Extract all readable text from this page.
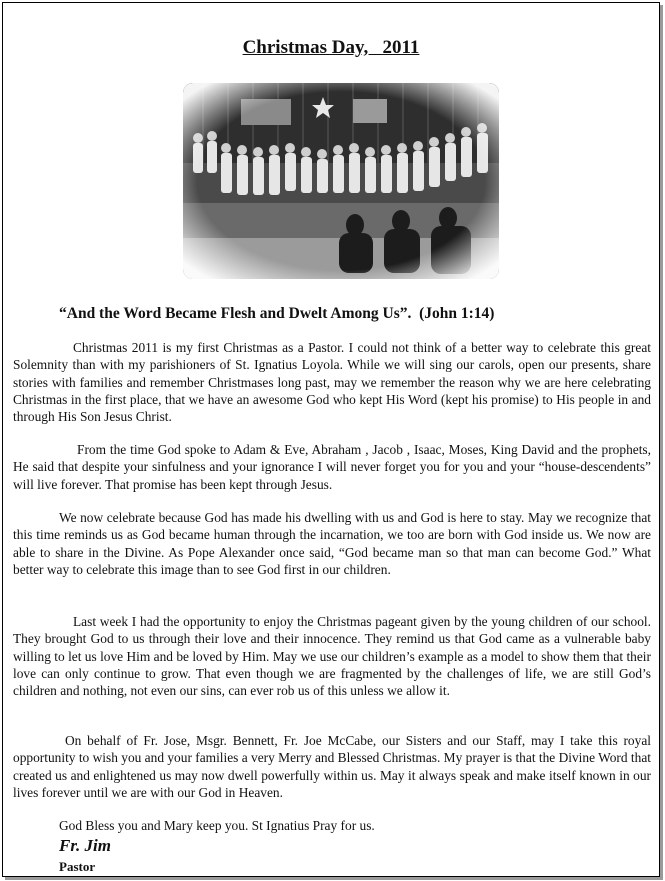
Christmas Day,   2011
“And the Word Became Flesh and Dwelt Among Us”.  (John 1:14)

Christmas 2011 is my first Christmas as a Pastor. I could not think of a better way to celebrate this great Solemnity than with my parishioners of St. Ignatius Loyola. While we will sing our carols, open our presents, share stories with families and remember Christmases long past, may we remember the reason why we are here celebrating Christmas in the first place, that we have an awesome God who kept His Word (kept his promise) to His people in and through His Son Jesus Christ.

From the time God spoke to Adam & Eve, Abraham , Jacob , Isaac, Moses, King David and the prophets, He said that despite your sinfulness and your ignorance I will never forget you for you and your “house-descendents” will live forever. That promise has been kept through Jesus.

We now celebrate because God has made his dwelling with us and God is here to stay. May we recognize that this time reminds us as God became human through the incarnation, we too are born with God inside us. We now are able to share in the Divine. As Pope Alexander once said, “God became man so that man can become God.” What better way to celebrate this image than to see God first in our children.

Last week I had the opportunity to enjoy the Christmas pageant given by the young children of our school. They brought God to us through their love and their innocence. They remind us that God came as a vulnerable baby willing to let us love Him and be loved by Him. May we use our children’s example as a model to show them that their love can only continue to grow. That even though we are fragmented by the challenges of life, we are still God’s children and nothing, not even our sins, can ever rob us of this unless we allow it.

On behalf of Fr. Jose, Msgr. Bennett, Fr. Joe McCabe, our Sisters and our Staff, may I take this royal opportunity to wish you and your families a very Merry and Blessed Christmas. My prayer is that the Divine Word that created us and enlightened us may now dwell powerfully within us. May it always speak and make itself known in our lives forever until we are with our God in Heaven.

God Bless you and Mary keep you. St Ignatius Pray for us.
Fr. Jim
Pastor
